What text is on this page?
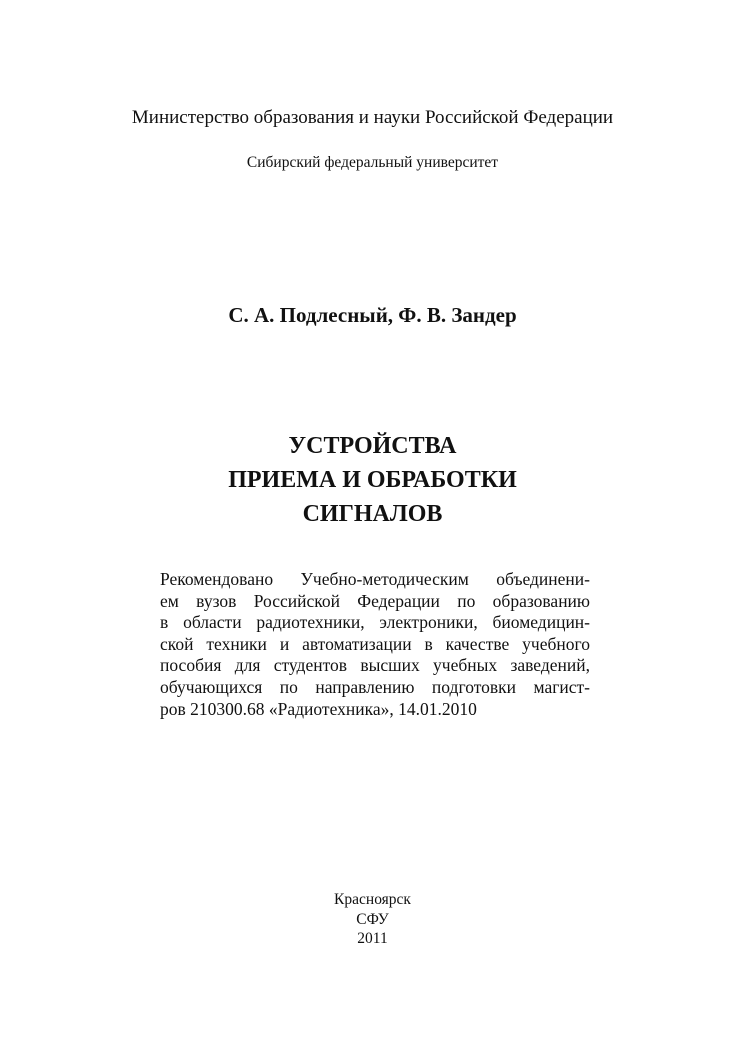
Министерство образования и науки Российской Федерации
Сибирский федеральный университет
С. А. Подлесный, Ф. В. Зандер
УСТРОЙСТВА
ПРИЕМА И ОБРАБОТКИ
СИГНАЛОВ
Рекомендовано Учебно-методическим объединени-
ем вузов Российской Федерации по образованию
в области радиотехники, электроники, биомедицин-
ской техники и автоматизации в качестве учебного
пособия для студентов высших учебных заведений,
обучающихся по направлению подготовки магист-
ров 210300.68 «Радиотехника», 14.01.2010
Красноярск
СФУ
2011
